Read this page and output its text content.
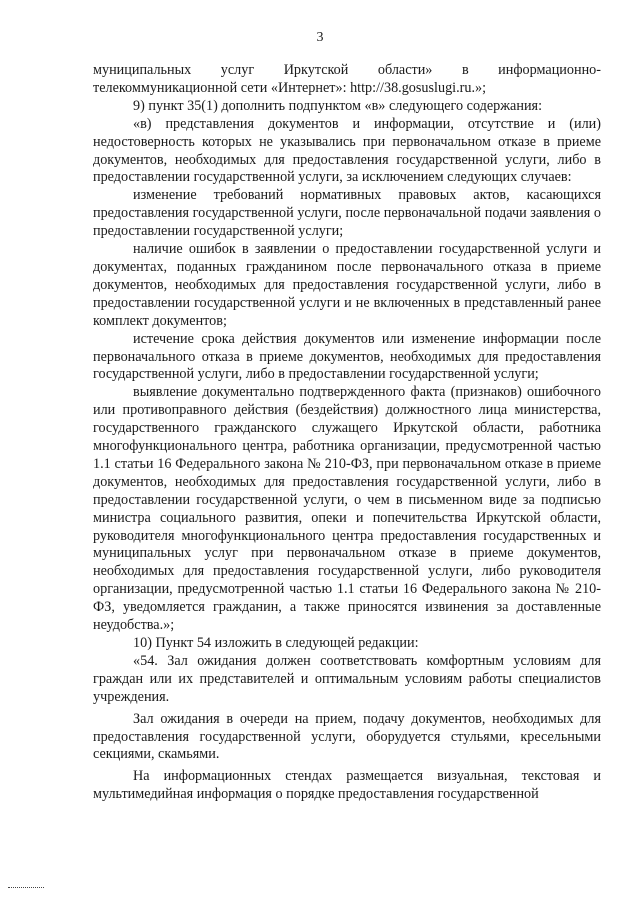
3

муниципальных услуг Иркутской области» в информационно-телекоммуникационной сети «Интернет»: http://38.gosuslugi.ru.»;

9) пункт 35(1) дополнить подпунктом «в» следующего содержания:

«в) представления документов и информации, отсутствие и (или) недостоверность которых не указывались при первоначальном отказе в приеме документов, необходимых для предоставления государственной услуги, либо в предоставлении государственной услуги, за исключением следующих случаев:

изменение требований нормативных правовых актов, касающихся предоставления государственной услуги, после первоначальной подачи заявления о предоставлении государственной услуги;

наличие ошибок в заявлении о предоставлении государственной услуги и документах, поданных гражданином после первоначального отказа в приеме документов, необходимых для предоставления государственной услуги, либо в предоставлении государственной услуги и не включенных в представленный ранее комплект документов;

истечение срока действия документов или изменение информации после первоначального отказа в приеме документов, необходимых для предоставления государственной услуги, либо в предоставлении государственной услуги;

выявление документально подтвержденного факта (признаков) ошибочного или противоправного действия (бездействия) должностного лица министерства, государственного гражданского служащего Иркутской области, работника многофункционального центра, работника организации, предусмотренной частью 1.1 статьи 16 Федерального закона № 210-ФЗ, при первоначальном отказе в приеме документов, необходимых для предоставления государственной услуги, либо в предоставлении государственной услуги, о чем в письменном виде за подписью министра социального развития, опеки и попечительства Иркутской области, руководителя многофункционального центра предоставления государственных и муниципальных услуг при первоначальном отказе в приеме документов, необходимых для предоставления государственной услуги, либо руководителя организации, предусмотренной частью 1.1 статьи 16 Федерального закона № 210-ФЗ, уведомляется гражданин, а также приносятся извинения за доставленные неудобства.»;

10) Пункт 54 изложить в следующей редакции:

«54. Зал ожидания должен соответствовать комфортным условиям для граждан или их представителей и оптимальным условиям работы специалистов учреждения.

Зал ожидания в очереди на прием, подачу документов, необходимых для предоставления государственной услуги, оборудуется стульями, кресельными секциями, скамьями.

На информационных стендах размещается визуальная, текстовая и мультимедийная информация о порядке предоставления государственной
